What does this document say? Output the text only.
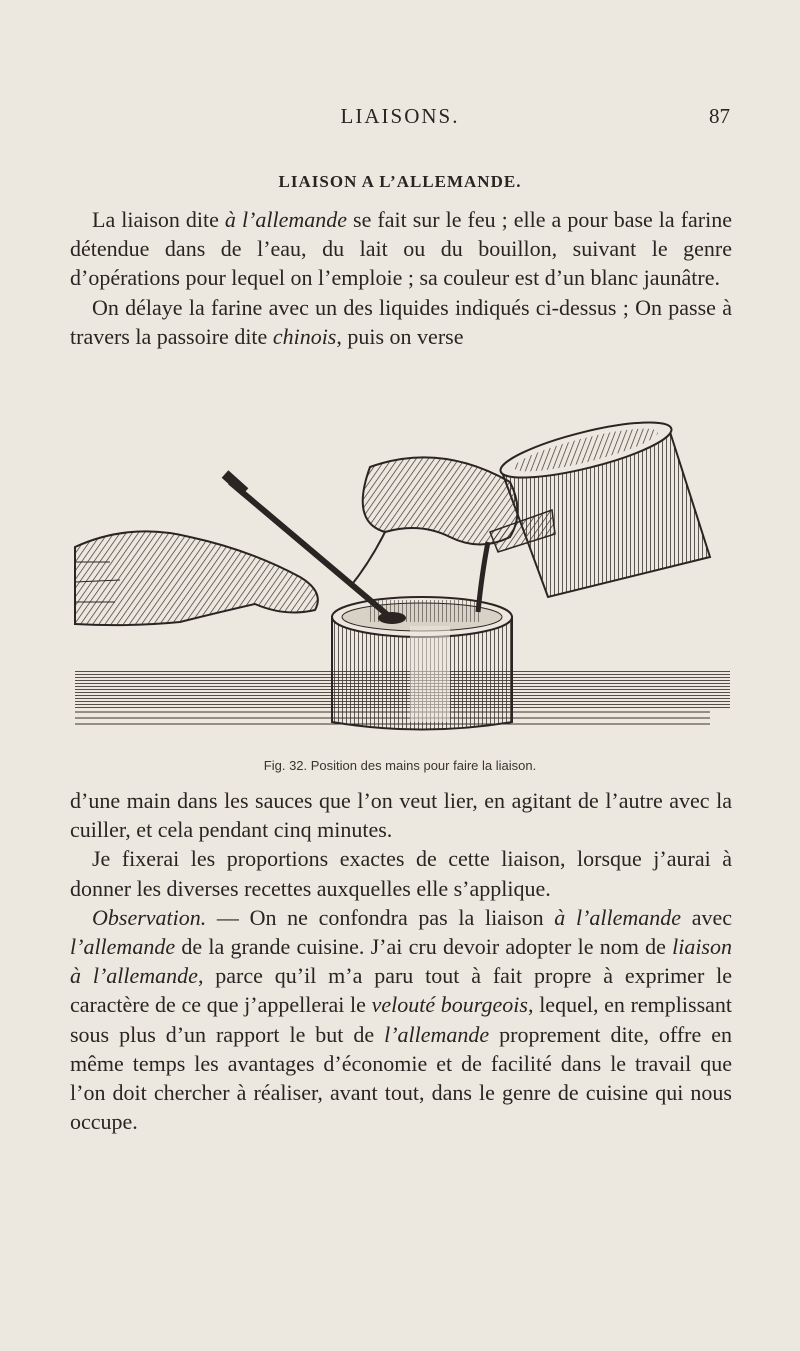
LIAISONS.	87
LIAISON A L’ALLEMANDE.

La liaison dite à l’allemande se fait sur le feu ; elle a pour base la farine détendue dans de l’eau, du lait ou du bouillon, suivant le genre d’opérations pour lequel on l’emploie ; sa couleur est d’un blanc jaunâtre.

On délaye la farine avec un des liquides indiqués ci-dessus ; On passe à travers la passoire dite chinois, puis on verse

Fig. 32. Position des mains pour faire la liaison.

d’une main dans les sauces que l’on veut lier, en agitant de l’autre avec la cuiller, et cela pendant cinq minutes.

Je fixerai les proportions exactes de cette liaison, lorsque j’aurai à donner les diverses recettes auxquelles elle s’applique.

Observation. — On ne confondra pas la liaison à l’allemande avec l’allemande de la grande cuisine. J’ai cru devoir adopter le nom de liaison à l’allemande, parce qu’il m’a paru tout à fait propre à exprimer le caractère de ce que j’appellerai le velouté bourgeois, lequel, en remplissant sous plus d’un rapport le but de l’allemande proprement dite, offre en même temps les avantages d’économie et de facilité dans le travail que l’on doit chercher à réaliser, avant tout, dans le genre de cuisine qui nous occupe.
